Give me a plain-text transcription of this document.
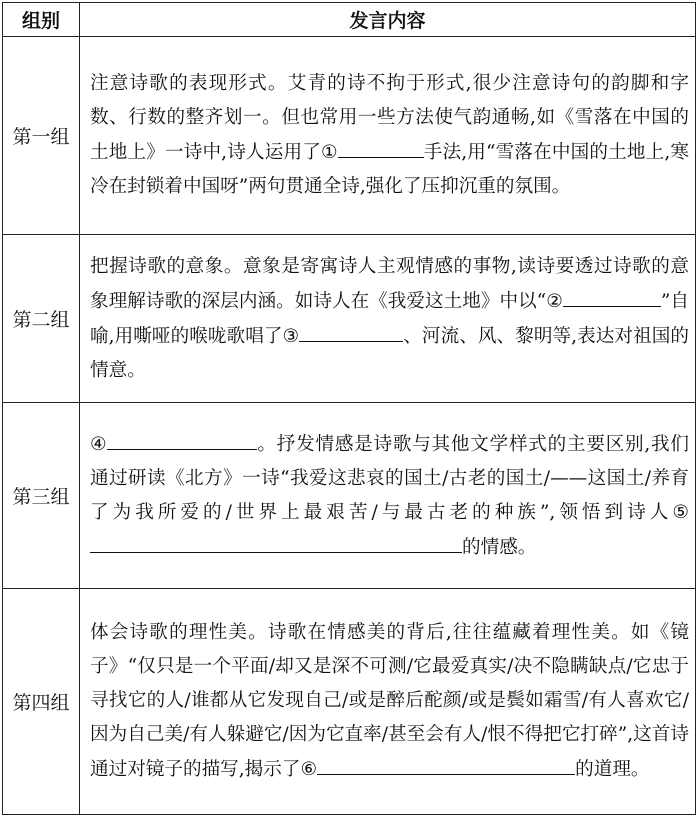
组别	发言内容
第一组	注意诗歌的表现形式。艾青的诗不拘于形式,很少注意诗句的韵脚和字数、行数的整齐划一。但也常用一些方法使气韵通畅,如《雪落在中国的土地上》一诗中,诗人运用了① 手法,用“雪落在中国的土地上,寒冷在封锁着中国呀”两句贯通全诗,强化了压抑沉重的氛围。
第二组	把握诗歌的意象。意象是寄寓诗人主观情感的事物,读诗要透过诗歌的意象理解诗歌的深层内涵。如诗人在《我爱这土地》中以“② ”自喻,用嘶哑的喉咙歌唱了③ 、河流、风、黎明等,表达对祖国的情意。
第三组	④ 。抒发情感是诗歌与其他文学样式的主要区别,我们通过研读《北方》一诗“我爱这悲哀的国土/古老的国土/——这国土/养育了为我所爱的/世界上最艰苦/与最古老的种族”,领悟到诗人⑤的情感。
第四组	体会诗歌的理性美。诗歌在情感美的背后,往往蕴藏着理性美。如《镜子》“仅只是一个平面/却又是深不可测/它最爱真实/决不隐瞒缺点/它忠于寻找它的人/谁都从它发现自己/或是醉后酡颜/或是鬓如霜雪/有人喜欢它/因为自己美/有人躲避它/因为它直率/甚至会有人/恨不得把它打碎”,这首诗通过对镜子的描写,揭示了⑥ 的道理。
